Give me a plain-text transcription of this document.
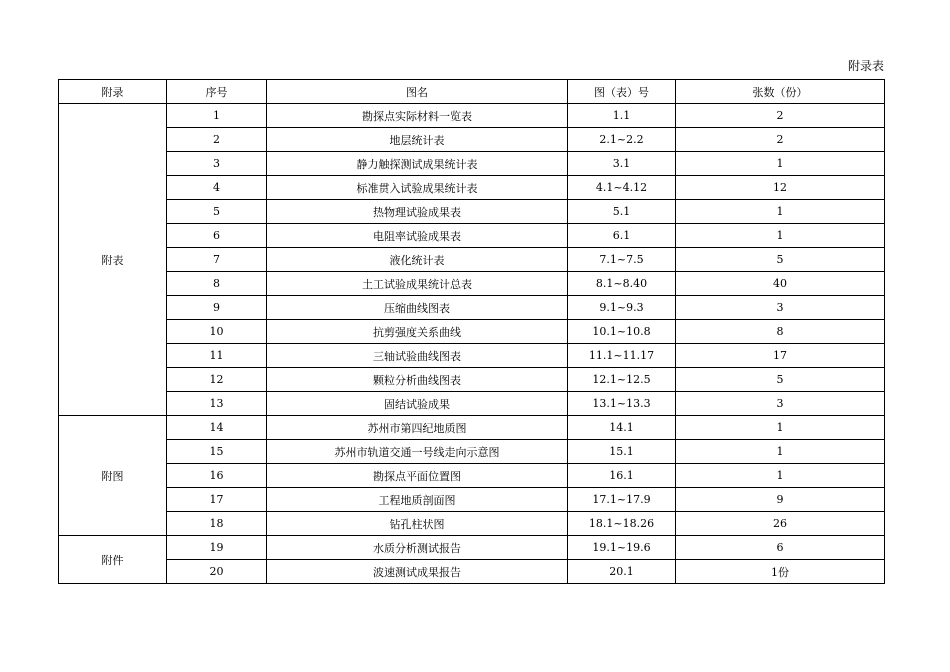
附录表
附录	序号	图名	图（表）号	张数（份）
附表	1	勘探点实际材料一览表	1.1	2
	2	地层统计表	2.1~2.2	2
	3	静力触探测试成果统计表	3.1	1
	4	标准贯入试验成果统计表	4.1~4.12	12
	5	热物理试验成果表	5.1	1
	6	电阻率试验成果表	6.1	1
	7	液化统计表	7.1~7.5	5
	8	土工试验成果统计总表	8.1~8.40	40
	9	压缩曲线图表	9.1~9.3	3
	10	抗剪强度关系曲线	10.1~10.8	8
	11	三轴试验曲线图表	11.1~11.17	17
	12	颗粒分析曲线图表	12.1~12.5	5
	13	固结试验成果	13.1~13.3	3
附图	14	苏州市第四纪地质图	14.1	1
	15	苏州市轨道交通一号线走向示意图	15.1	1
	16	勘探点平面位置图	16.1	1
	17	工程地质剖面图	17.1~17.9	9
	18	钻孔柱状图	18.1~18.26	26
附件	19	水质分析测试报告	19.1~19.6	6
	20	波速测试成果报告	20.1	1份
